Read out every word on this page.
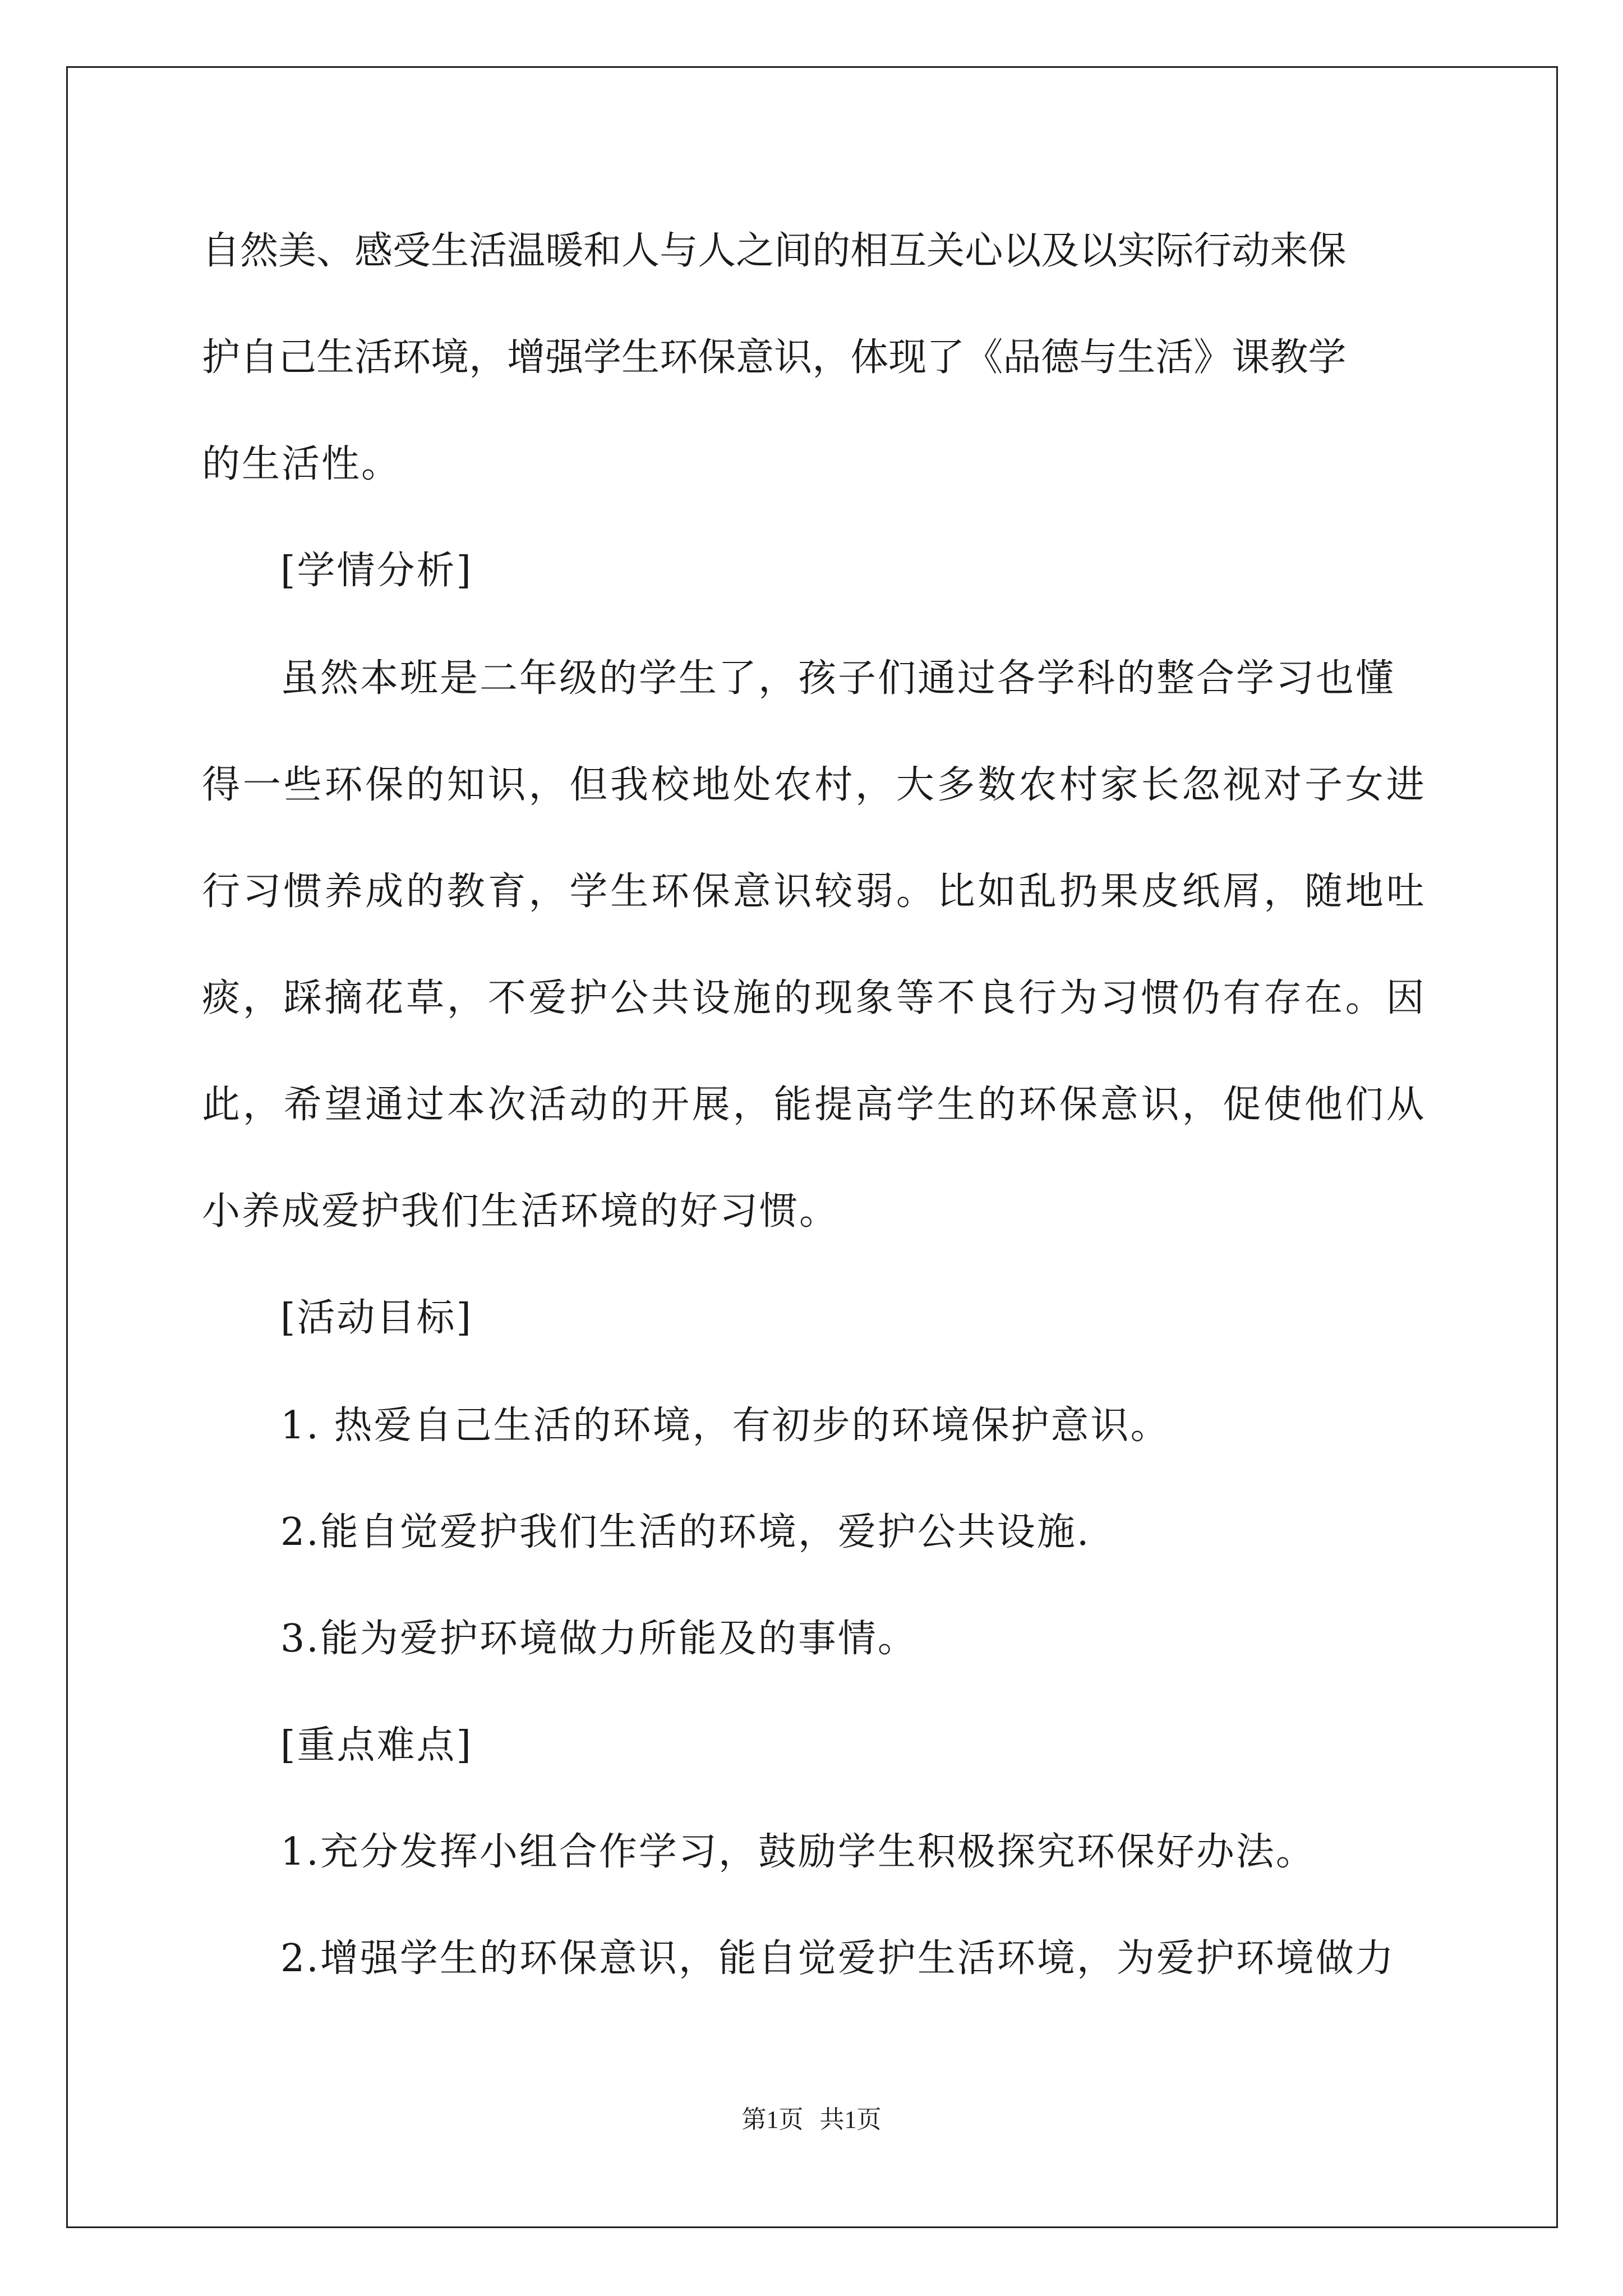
自 然 美 、 感 受 生 活 温 暖 和 人 与 人 之 间 的 相 互 关 心 以 及 以 实 际 行 动 来 保
护 自 己 生 活 环 境 ， 增 强 学 生 环 保 意 识 ， 体 现 了 《 品 德 与 生 活 》 课 教 学
的生活性。
[学情分析]
虽然本班是二年级的学生了，孩子们通过各学科的整合学习也懂
得 一 些 环 保 的 知 识 ， 但 我 校 地 处 农 村 ， 大 多 数 农 村 家 长 忽 视 对 子 女 进
行 习 惯 养 成 的 教 育 ， 学 生 环 保 意 识 较 弱 。 比 如 乱 扔 果 皮 纸 屑 ， 随 地 吐
痰 ， 踩 摘 花 草 ， 不 爱 护 公 共 设 施 的 现 象 等 不 良 行 为 习 惯 仍 有 存 在 。 因
此 ， 希 望 通 过 本 次 活 动 的 开 展 ， 能 提 高 学 生 的 环 保 意 识 ， 促 使 他 们 从
小养成爱护我们生活环境的好习惯。
[活动目标]
1. 热爱自己生活的环境，有初步的环境保护意识。
2.能自觉爱护我们生活的环境，爱护公共设施.
3.能为爱护环境做力所能及的事情。
[重点难点]
1.充分发挥小组合作学习，鼓励学生积极探究环保好办法。
2.增强学生的环保意识，能自觉爱护生活环境，为爱护环境做力
第1页 共1页
